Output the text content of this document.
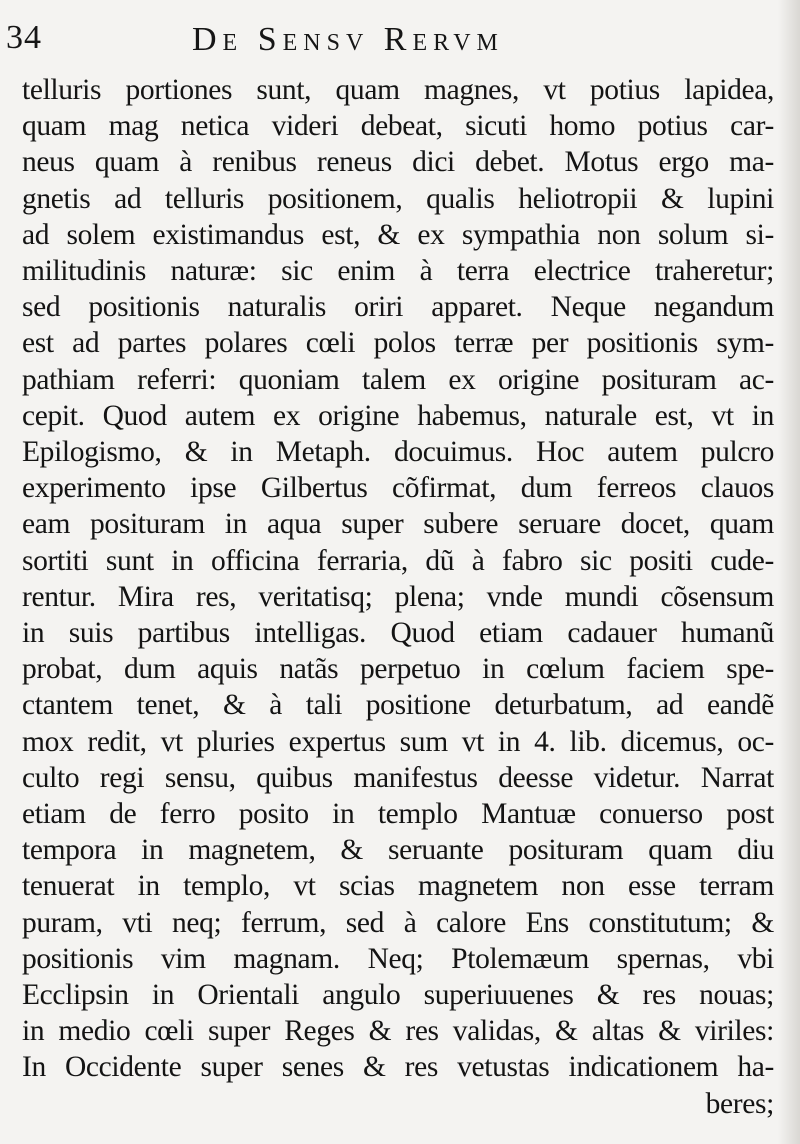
34	De Sensv Rervm
telluris portiones sunt, quam magnes, vt potius lapidea,
quam mag netica videri debeat, sicuti homo potius car-
neus quam à renibus reneus dici debet. Motus ergo ma-
gnetis ad telluris positionem, qualis heliotropii & lupini
ad solem existimandus est, & ex sympathia non solum si-
militudinis naturæ: sic enim à terra electrice traheretur;
sed positionis naturalis oriri apparet. Neque negandum
est ad partes polares cœli polos terræ per positionis sym-
pathiam referri: quoniam talem ex origine posituram ac-
cepit. Quod autem ex origine habemus, naturale est, vt in
Epilogismo, & in Metaph. docuimus. Hoc autem pulcro
experimento ipse Gilbertus cõfirmat, dum ferreos clauos
eam posituram in aqua super subere seruare docet, quam
sortiti sunt in officina ferraria, dũ à fabro sic positi cude-
rentur. Mira res, veritatisq; plena; vnde mundi cõsensum
in suis partibus intelligas. Quod etiam cadauer humanũ
probat, dum aquis natãs perpetuo in cœlum faciem spe-
ctantem tenet, & à tali positione deturbatum, ad eandẽ
mox redit, vt pluries expertus sum vt in 4. lib. dicemus, oc-
culto regi sensu, quibus manifestus deesse videtur. Narrat
etiam de ferro posito in templo Mantuæ conuerso post
tempora in magnetem, & seruante posituram quam diu
tenuerat in templo, vt scias magnetem non esse terram
puram, vti neq; ferrum, sed à calore Ens constitutum; &
positionis vim magnam. Neq; Ptolemæum spernas, vbi
Ecclipsin in Orientali angulo superiuuenes & res nouas;
in medio cœli super Reges & res validas, & altas & viriles:
In Occidente super senes & res vetustas indicationem ha-
beres;
